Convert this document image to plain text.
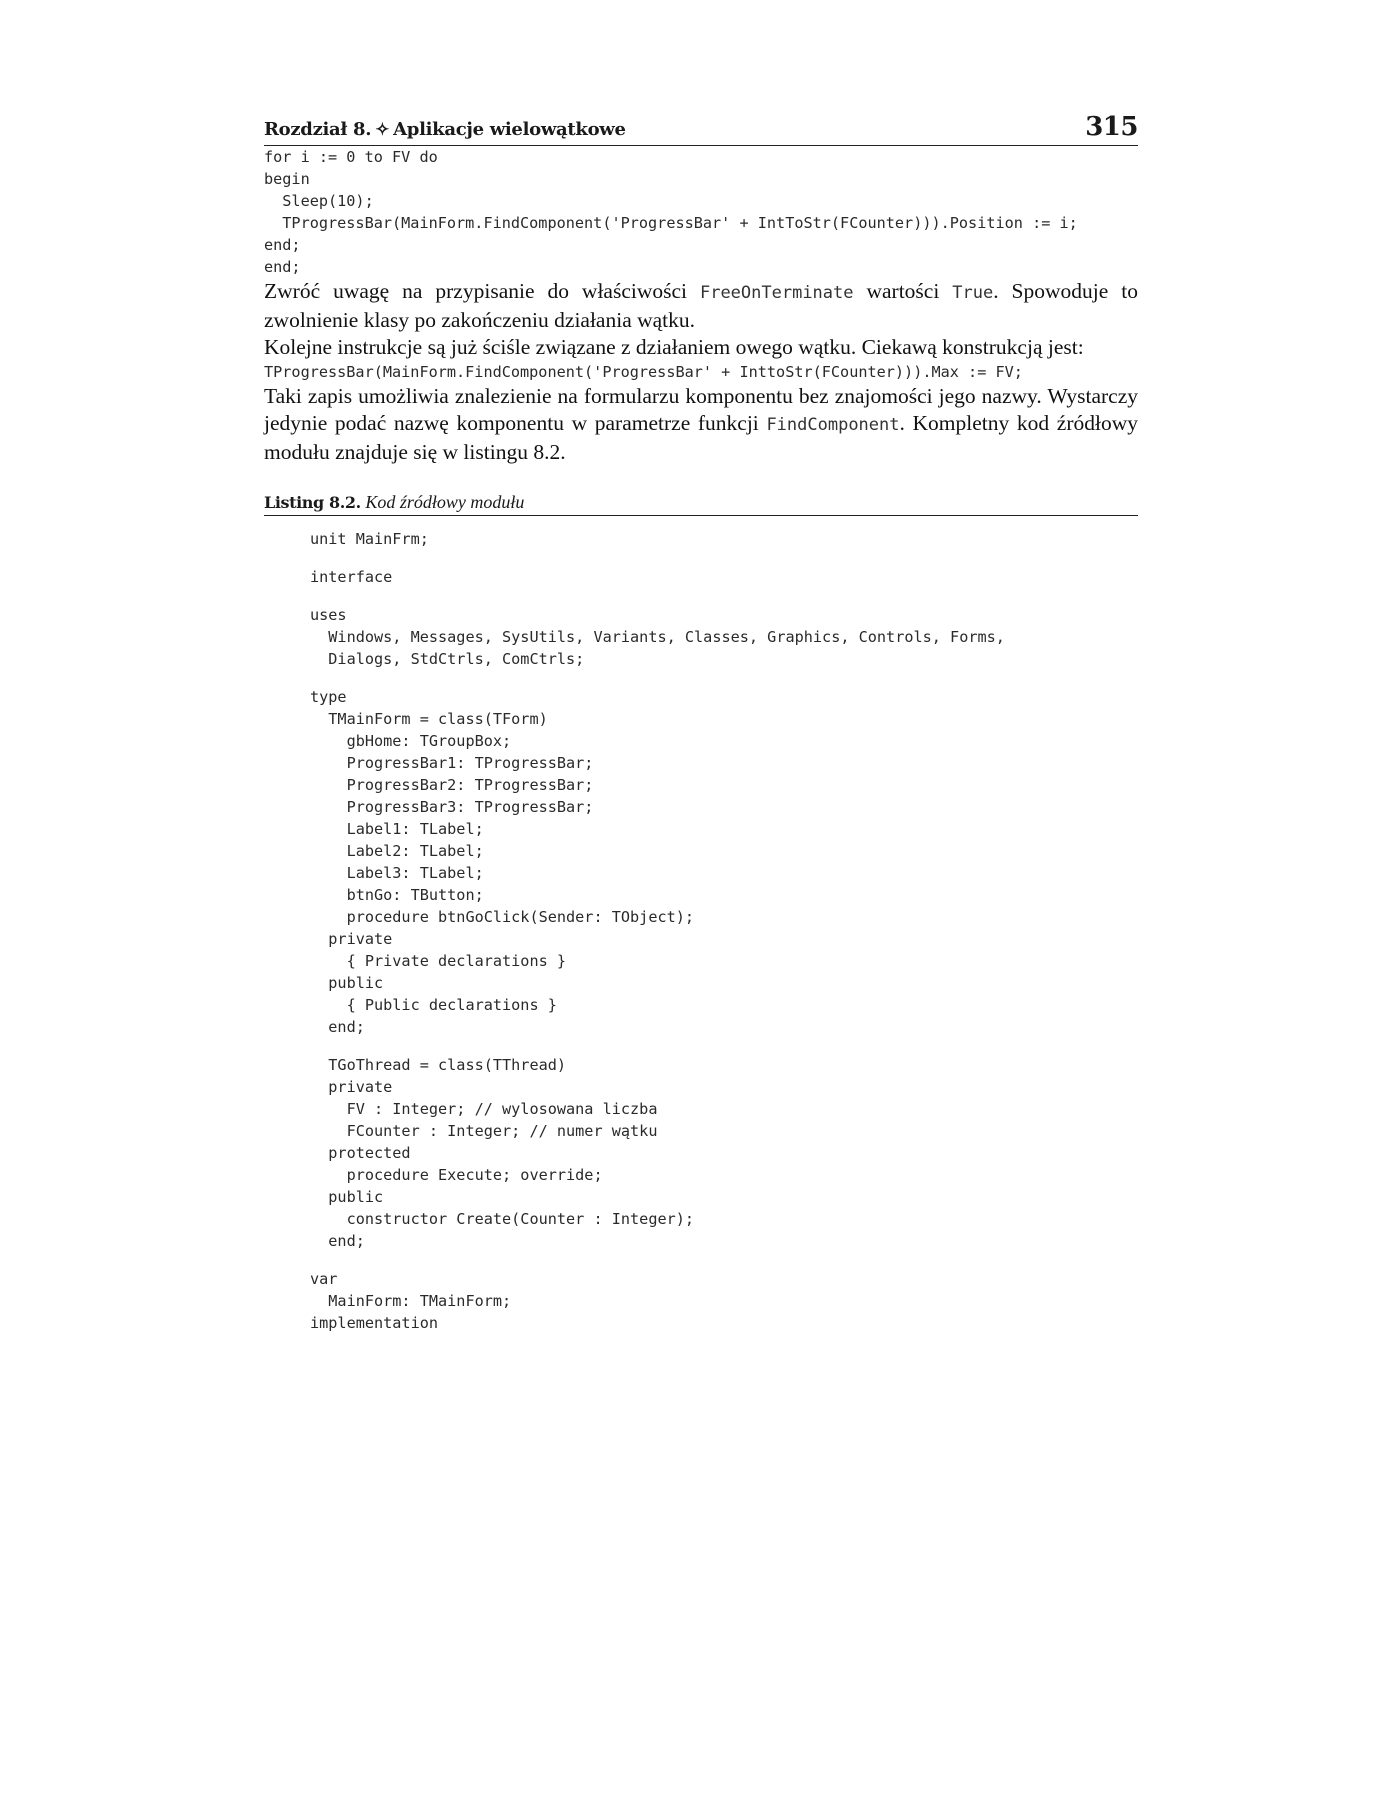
Rozdział 8. ✧ Aplikacje wielowątkowe	315
for i := 0 to FV do
begin
Sleep(10);
TProgressBar(MainForm.FindComponent('ProgressBar' + IntToStr(FCounter))).Position := i;
end;
end;

Zwróć uwagę na przypisanie do właściwości FreeOnTerminate wartości True. Spowoduje to zwolnienie klasy po zakończeniu działania wątku.

Kolejne instrukcje są już ściśle związane z działaniem owego wątku. Ciekawą konstrukcją jest:

TProgressBar(MainForm.FindComponent('ProgressBar' + InttoStr(FCounter))).Max := FV;

Taki zapis umożliwia znalezienie na formularzu komponentu bez znajomości jego nazwy. Wystarczy jedynie podać nazwę komponentu w parametrze funkcji FindComponent. Kompletny kod źródłowy modułu znajduje się w listingu 8.2.

Listing 8.2. Kod źródłowy modułu
unit MainFrm;
interface
uses
Windows, Messages, SysUtils, Variants, Classes, Graphics, Controls, Forms,
Dialogs, StdCtrls, ComCtrls;
type
TMainForm = class(TForm)
gbHome: TGroupBox;
ProgressBar1: TProgressBar;
ProgressBar2: TProgressBar;
ProgressBar3: TProgressBar;
Label1: TLabel;
Label2: TLabel;
Label3: TLabel;
btnGo: TButton;
procedure btnGoClick(Sender: TObject);
private
{ Private declarations }
public
{ Public declarations }
end;
TGoThread = class(TThread)
private
FV : Integer; // wylosowana liczba
FCounter : Integer; // numer wątku
protected
procedure Execute; override;
public
constructor Create(Counter : Integer);
end;
var
MainForm: TMainForm;
implementation
